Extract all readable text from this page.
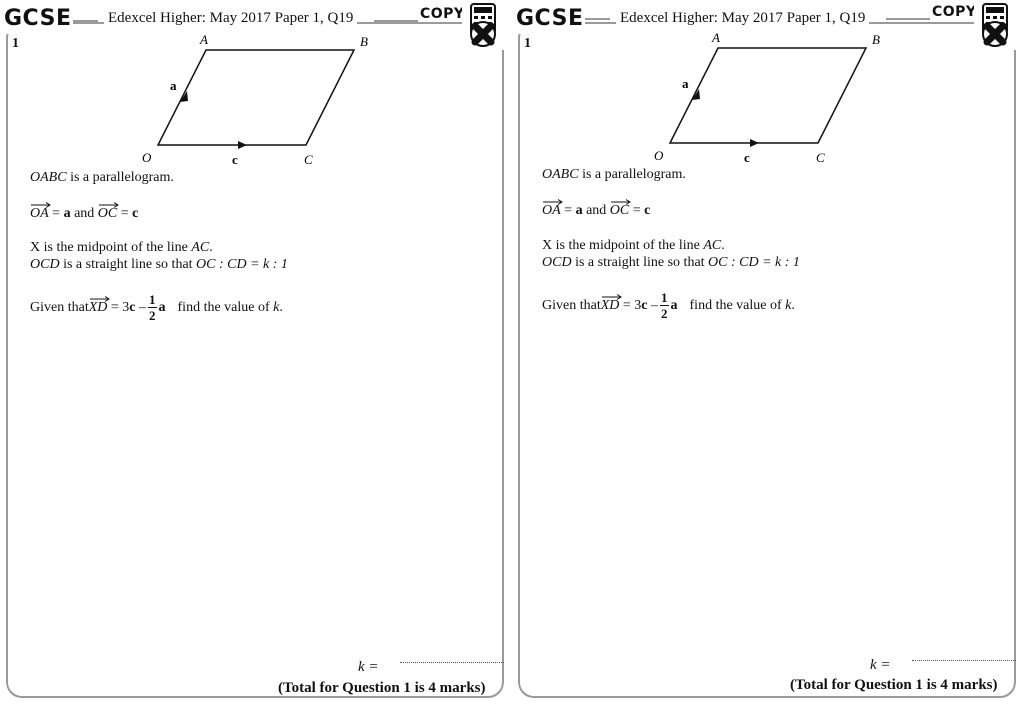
GCSE Edexcel Higher: May 2017 Paper 1, Q19	COPY
1	A	B
O	C
a
c
OABC is a parallelogram.
OA = a and
OC = c
X is the midpoint of the line AC.
OCD is a straight line so that OC : CD = k : 1
Given that XD = 3 c – $\frac{1}{2}$ a find the value of k .
k =
(Total for Question 1 is 4 marks)
GCSE Edexcel Higher: May 2017 Paper 1, Q19	COPY
1	A	B
O	C
a
c
OABC is a parallelogram.
OA = a and
OC = c
X is the midpoint of the line AC.
OCD is a straight line so that OC : CD = k : 1
Given that XD = 3 c – $\frac{1}{2}$ a find the value of k .
k =
(Total for Question 1 is 4 marks)
